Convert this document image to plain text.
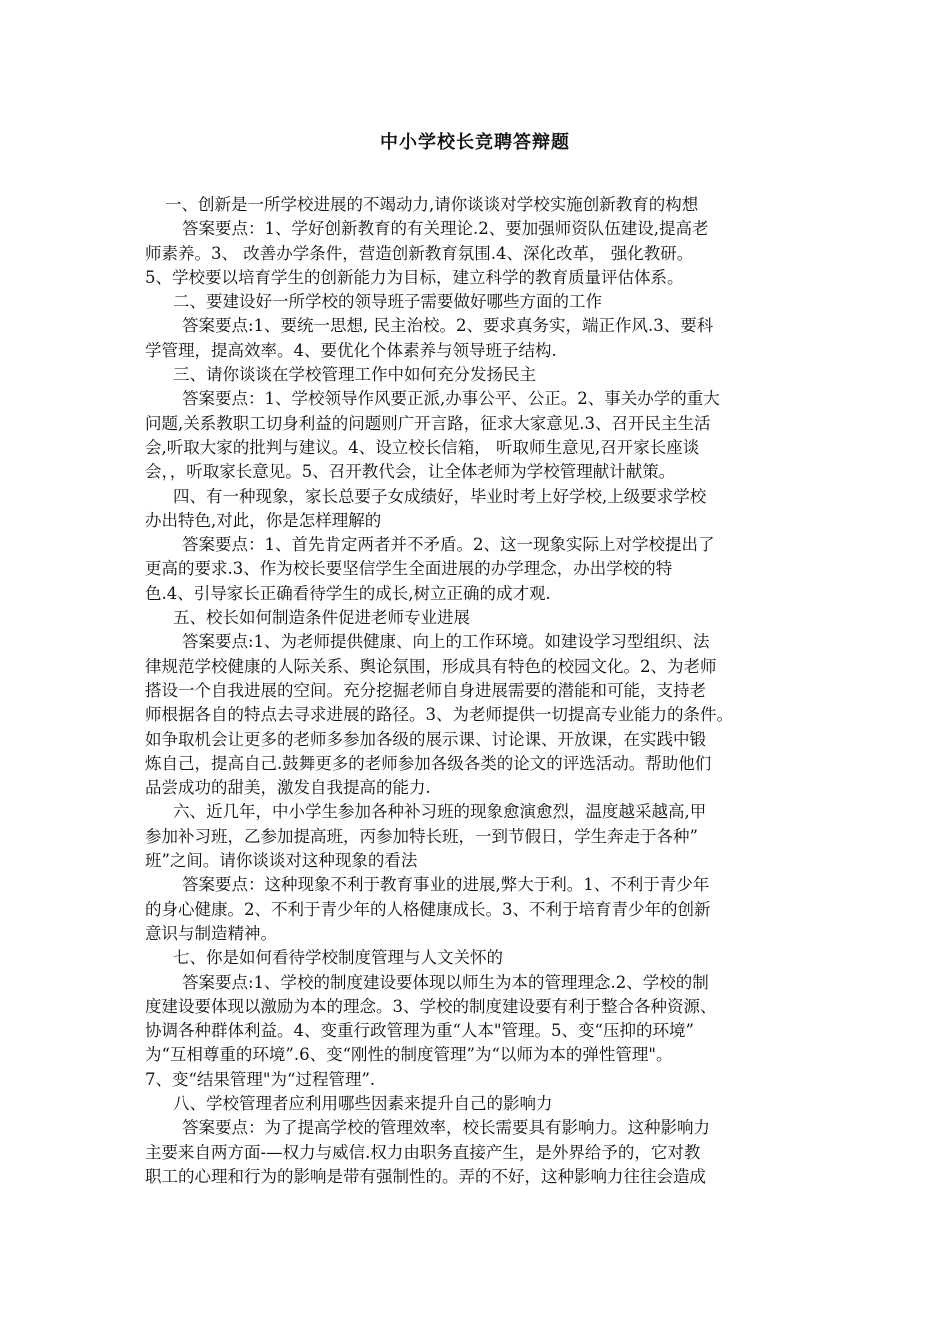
中小学校长竞聘答辩题
一、创新是一所学校进展的不竭动力,请你谈谈对学校实施创新教育的构想
答案要点：1、学好创新教育的有关理论.2、要加强师资队伍建设,提高老
师素养。3、 改善办学条件，营造创新教育氛围.4、深化改革， 强化教研。
5、学校要以培育学生的创新能力为目标，建立科学的教育质量评估体系。
二、要建设好一所学校的领导班子需要做好哪些方面的工作
答案要点:1、要统一思想, 民主治校。2、要求真务实，端正作风.3、要科
学管理，提高效率。4、要优化个体素养与领导班子结构.
三、请你谈谈在学校管理工作中如何充分发扬民主
答案要点：1、学校领导作风要正派,办事公平、公正。2、事关办学的重大
问题,关系教职工切身利益的问题则广开言路，征求大家意见.3、召开民主生活
会,听取大家的批判与建议。4、设立校长信箱， 听取师生意见,召开家长座谈
会，，听取家长意见。5、召开教代会，让全体老师为学校管理献计献策。
四、有一种现象，家长总要子女成绩好，毕业时考上好学校,上级要求学校
办出特色,对此，你是怎样理解的
答案要点：1、首先肯定两者并不矛盾。2、这一现象实际上对学校提出了
更高的要求.3、作为校长要坚信学生全面进展的办学理念，办出学校的特
色.4、引导家长正确看待学生的成长,树立正确的成才观.
五、校长如何制造条件促进老师专业进展
答案要点:1、为老师提供健康、向上的工作环境。如建设学习型组织、法
律规范学校健康的人际关系、舆论氛围，形成具有特色的校园文化。2、为老师
搭设一个自我进展的空间。充分挖掘老师自身进展需要的潜能和可能，支持老
师根据各自的特点去寻求进展的路径。3、为老师提供一切提高专业能力的条件。
如争取机会让更多的老师多参加各级的展示课、讨论课、开放课，在实践中锻
炼自己，提高自己.鼓舞更多的老师参加各级各类的论文的评选活动。帮助他们
品尝成功的甜美，激发自我提高的能力.
六、近几年，中小学生参加各种补习班的现象愈演愈烈，温度越采越高,甲
参加补习班，乙参加提高班，丙参加特长班，一到节假日，学生奔走于各种”
班”之间。请你谈谈对这种现象的看法
答案要点：这种现象不利于教育事业的进展,弊大于利。1、不利于青少年
的身心健康。2、不利于青少年的人格健康成长。3、不利于培育青少年的创新
意识与制造精神。
七、你是如何看待学校制度管理与人文关怀的
答案要点:1、学校的制度建设要体现以师生为本的管理理念.2、学校的制
度建设要体现以激励为本的理念。3、学校的制度建设要有利于整合各种资源、
协调各种群体利益。4、变重行政管理为重“人本"管理。5、变“压抑的环境”
为“互相尊重的环境”.6、变“刚性的制度管理”为“以师为本的弹性管理"。
7、变“结果管理"为“过程管理”.
八、学校管理者应利用哪些因素来提升自己的影响力
答案要点：为了提高学校的管理效率，校长需要具有影响力。这种影响力
主要来自两方面-—权力与威信.权力由职务直接产生，是外界给予的，它对教
职工的心理和行为的影响是带有强制性的。弄的不好，这种影响力往往会造成
